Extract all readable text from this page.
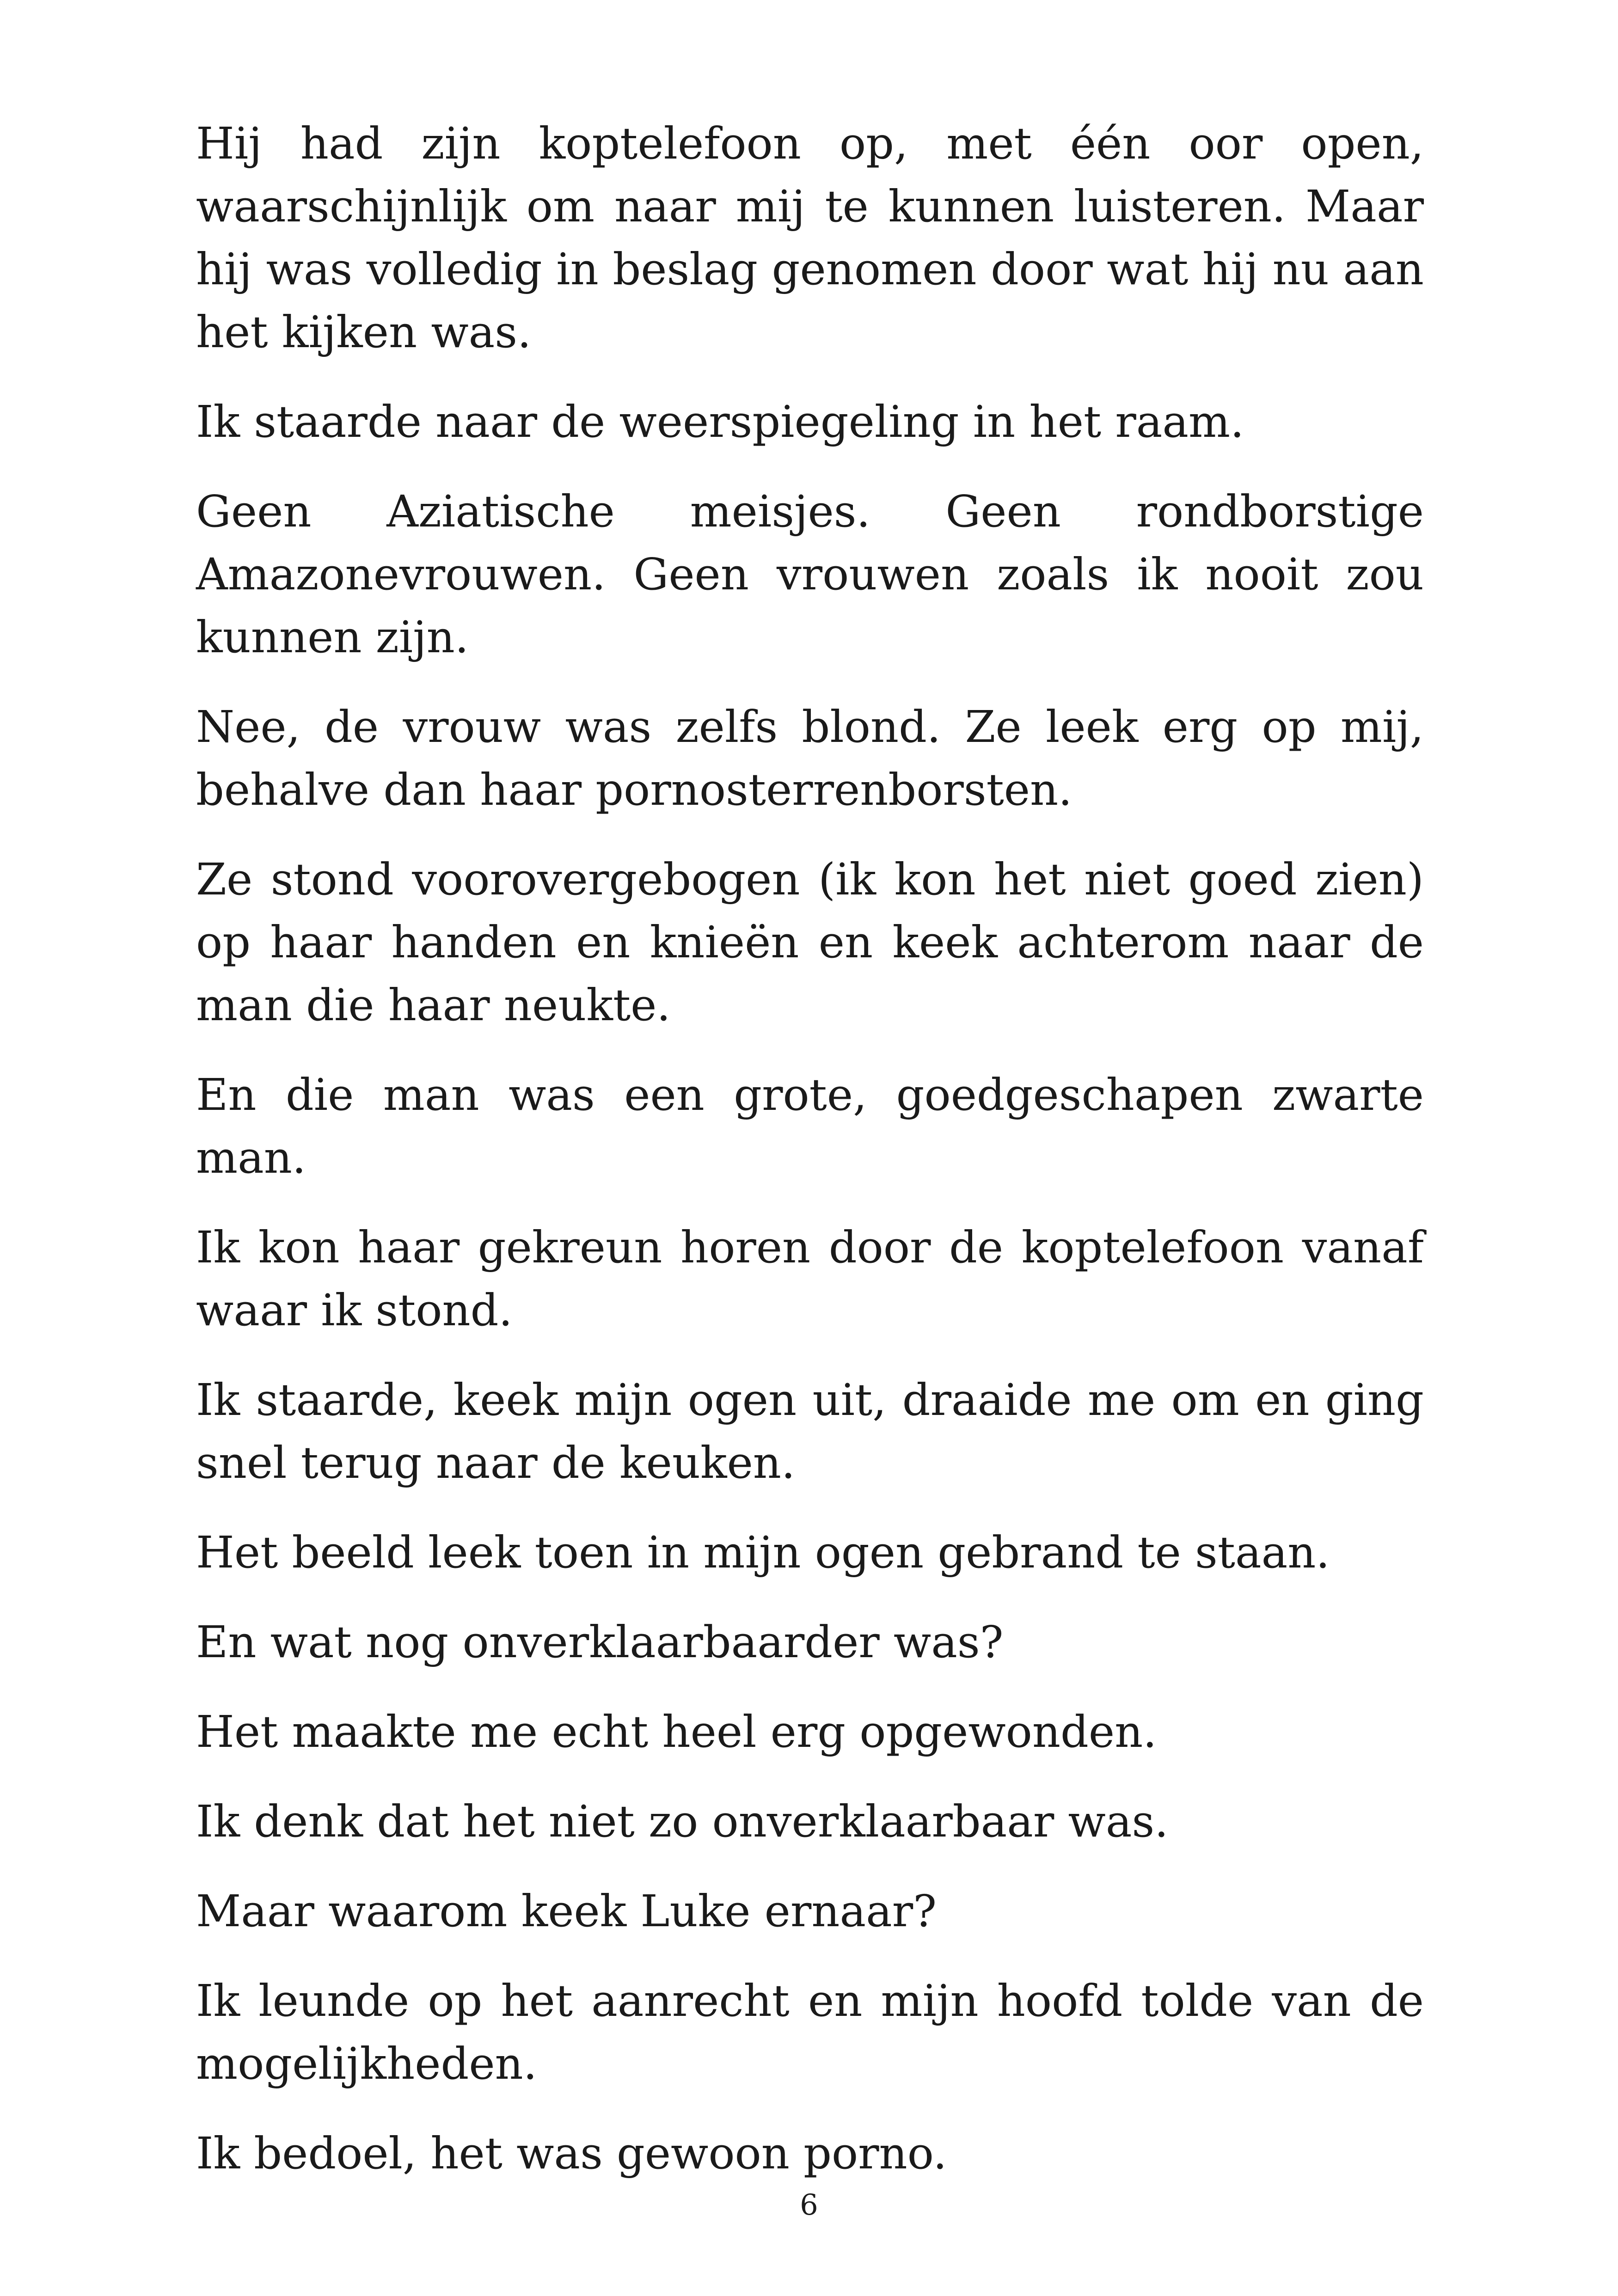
Hij had zijn koptelefoon op, met één oor open, waarschijnlijk om naar mij te kunnen luisteren. Maar hij was volledig in beslag genomen door wat hij nu aan het kijken was.

Ik staarde naar de weerspiegeling in het raam.

Geen Aziatische meisjes. Geen rondborstige Amazonevrouwen. Geen vrouwen zoals ik nooit zou kunnen zijn.

Nee, de vrouw was zelfs blond. Ze leek erg op mij, behalve dan haar pornosterrenborsten.

Ze stond voorovergebogen (ik kon het niet goed zien) op haar handen en knieën en keek achterom naar de man die haar neukte.

En die man was een grote, goedgeschapen zwarte man.

Ik kon haar gekreun horen door de koptelefoon vanaf waar ik stond.

Ik staarde, keek mijn ogen uit, draaide me om en ging snel terug naar de keuken.

Het beeld leek toen in mijn ogen gebrand te staan.

En wat nog onverklaarbaarder was?

Het maakte me echt heel erg opgewonden.

Ik denk dat het niet zo onverklaarbaar was.

Maar waarom keek Luke ernaar?

Ik leunde op het aanrecht en mijn hoofd tolde van de mogelijkheden.

Ik bedoel, het was gewoon porno.

6
